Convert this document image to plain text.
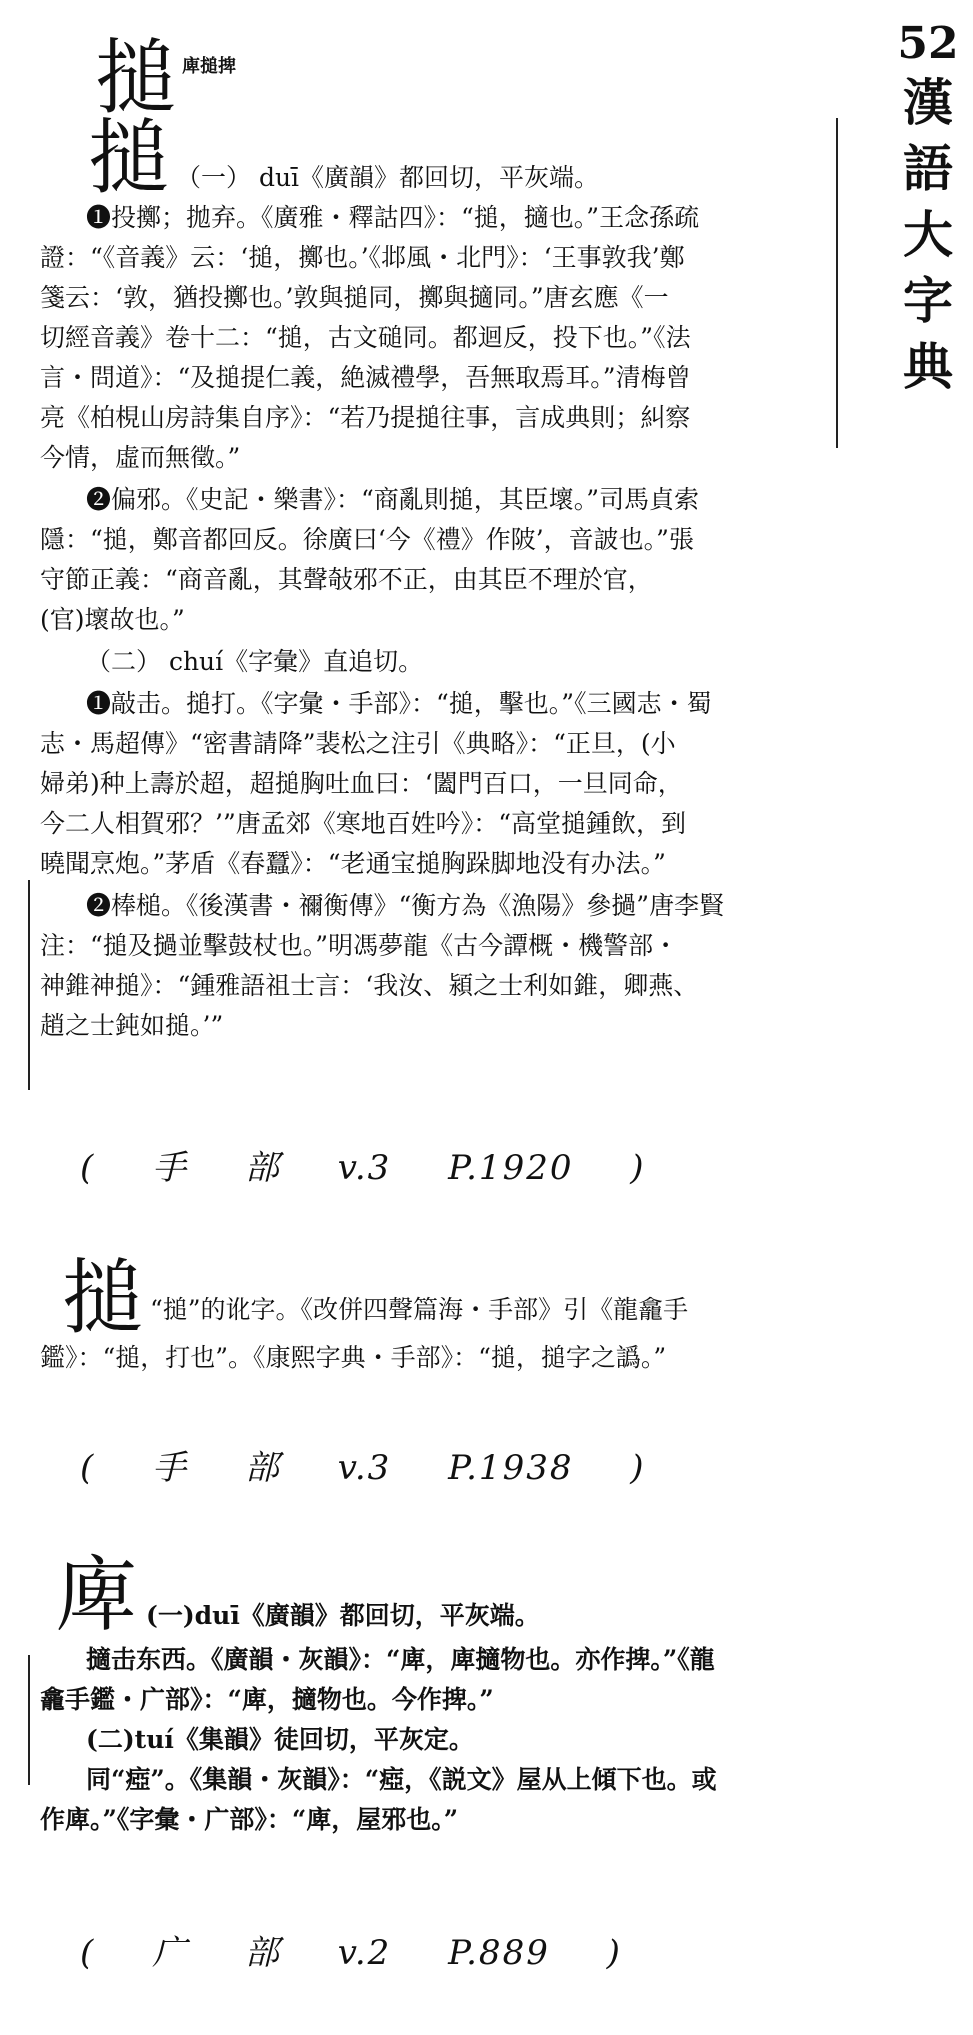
52
漢
語
大
字
典
搥 庳搥捭
搥 （一） duī《廣韻》都回切，平灰端。

❶投擲；拋弃。《廣雅・釋詁四》：“搥，擿也。”王念孫疏

證：“《音義》云：‘搥，擲也。’《邶風・北門》：‘王事敦我’鄭

箋云：‘敦，猶投擲也。’敦與搥同，擲與擿同。”唐玄應《一

切經音義》卷十二：“搥，古文磓同。都迴反，投下也。”《法

言・問道》：“及搥提仁義，絶滅禮學，吾無取焉耳。”清梅曾

亮《柏梘山房詩集自序》：“若乃提搥往事，言成典則；糾察

今情，虛而無徵。”

❷偏邪。《史記・樂書》：“商亂則搥，其臣壞。”司馬貞索

隱：“搥，鄭音都回反。徐廣曰‘今《禮》作陂’，音詖也。”張

守節正義：“商音亂，其聲敧邪不正，由其臣不理於官，

(官)壞故也。”

（二） chuí《字彙》直追切。

❶敲击。搥打。《字彙・手部》：“搥，擊也。”《三國志・蜀

志・馬超傳》“密書請降”裴松之注引《典略》：“正旦，(小

婦弟)种上壽於超，超搥胸吐血曰：‘闔門百口，一旦同命，

今二人相賀邪？’”唐孟郊《寒地百姓吟》：“高堂搥鍾飲，到

曉聞烹炮。”茅盾《春蠶》：“老通宝搥胸跺脚地没有办法。”

❷棒槌。《後漢書・禰衡傳》“衡方為《漁陽》參撾”唐李賢

注：“搥及撾並擊鼓杖也。”明馮夢龍《古今譚概・機警部・

神錐神搥》：“鍾雅語祖士言：‘我汝、潁之士利如錐，卿燕、

趙之士鈍如搥。’”

( 手 部 v.3 P.1920 )
搥 “搥”的讹字。《改併四聲篇海・手部》引《龍龕手
鑑》：“搥，打也”。《康熙字典・手部》：“搥，搥字之譌。”
( 手 部 v.3 P.1938 )
庳 (一)duī《廣韻》都回切，平灰端。

擿击东西。《廣韻・灰韻》：“庳，庳擿物也。亦作捭。”《龍

龕手鑑・广部》：“庳，擿物也。今作捭。”

(二)tuí《集韻》徒回切，平灰定。

同“瘂”。《集韻・灰韻》：“瘂，《説文》屋从上傾下也。或

作庳。”《字彙・广部》：“庳，屋邪也。”

( 广 部 v.2 P.889 )
